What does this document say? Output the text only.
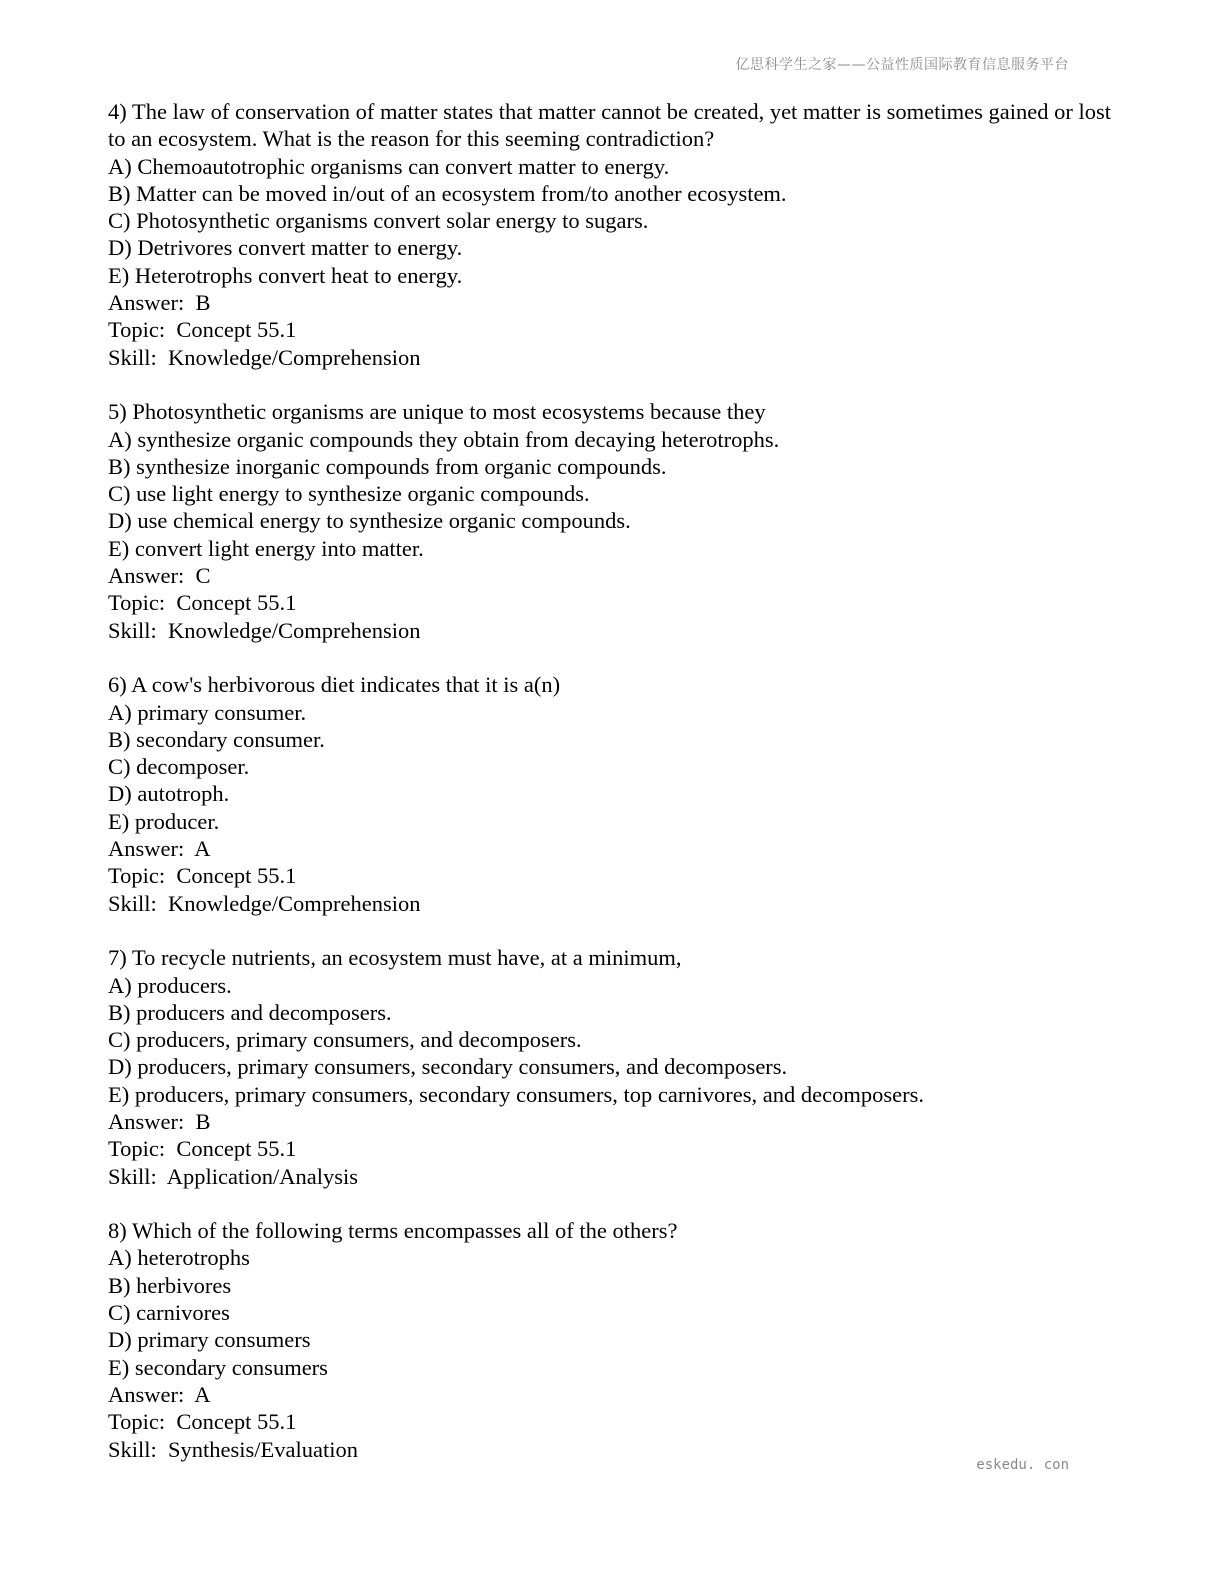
亿思科学生之家——公益性质国际教育信息服务平台
4) The law of conservation of matter states that matter cannot be created, yet matter is sometimes gained or lost to an ecosystem. What is the reason for this seeming contradiction?
A) Chemoautotrophic organisms can convert matter to energy.
B) Matter can be moved in/out of an ecosystem from/to another ecosystem.
C) Photosynthetic organisms convert solar energy to sugars.
D) Detrivores convert matter to energy.
E) Heterotrophs convert heat to energy.
Answer:  B
Topic:  Concept 55.1
Skill:  Knowledge/Comprehension
5) Photosynthetic organisms are unique to most ecosystems because they
A) synthesize organic compounds they obtain from decaying heterotrophs.
B) synthesize inorganic compounds from organic compounds.
C) use light energy to synthesize organic compounds.
D) use chemical energy to synthesize organic compounds.
E) convert light energy into matter.
Answer:  C
Topic:  Concept 55.1
Skill:  Knowledge/Comprehension
6) A cow's herbivorous diet indicates that it is a(n)
A) primary consumer.
B) secondary consumer.
C) decomposer.
D) autotroph.
E) producer.
Answer:  A
Topic:  Concept 55.1
Skill:  Knowledge/Comprehension
7) To recycle nutrients, an ecosystem must have, at a minimum,
A) producers.
B) producers and decomposers.
C) producers, primary consumers, and decomposers.
D) producers, primary consumers, secondary consumers, and decomposers.
E) producers, primary consumers, secondary consumers, top carnivores, and decomposers.
Answer:  B
Topic:  Concept 55.1
Skill:  Application/Analysis
8) Which of the following terms encompasses all of the others?
A) heterotrophs
B) herbivores
C) carnivores
D) primary consumers
E) secondary consumers
Answer:  A
Topic:  Concept 55.1
Skill:  Synthesis/Evaluation
eskedu. con
